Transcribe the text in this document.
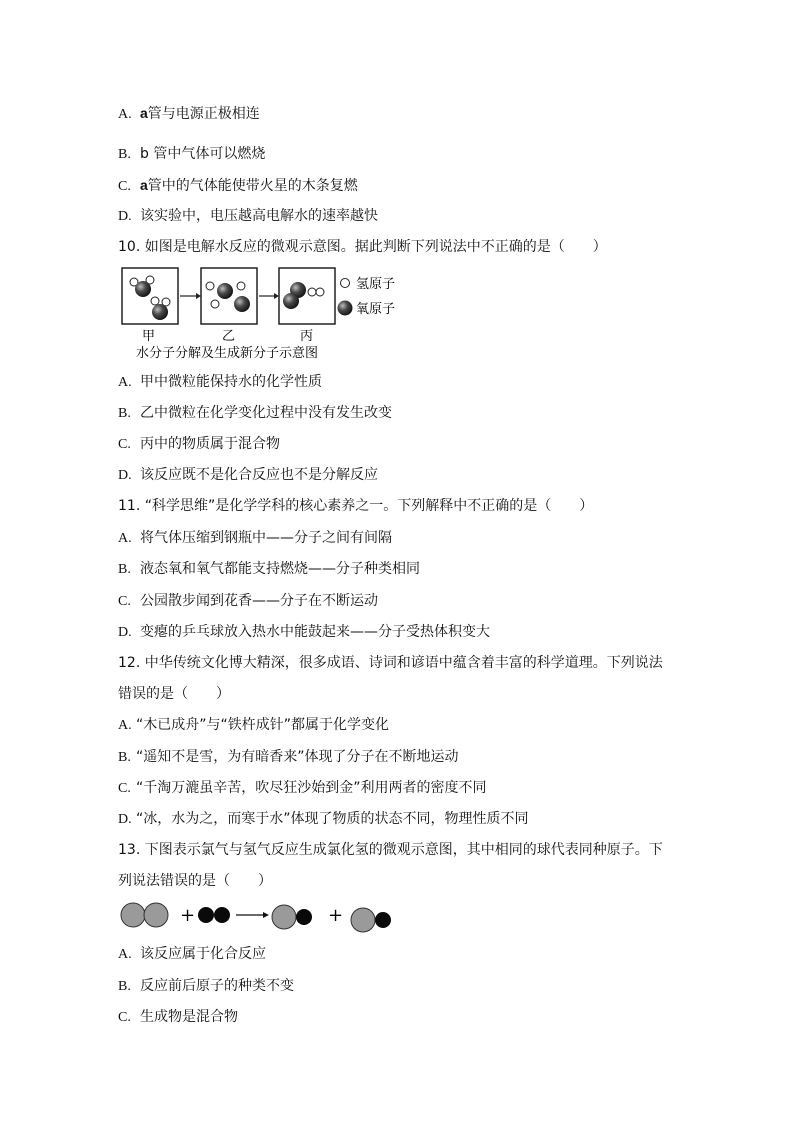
A. a管与电源正极相连
B. b 管中气体可以燃烧
C. a管中的气体能使带火星的木条复燃
D. 该实验中，电压越高电解水的速率越快
10. 如图是电解水反应的微观示意图。据此判断下列说法中不正确的是（　　）
氢原子
氧原子
甲	乙	丙
水分子分解及生成新分子示意图
A. 甲中微粒能保持水的化学性质
B. 乙中微粒在化学变化过程中没有发生改变
C. 丙中的物质属于混合物
D. 该反应既不是化合反应也不是分解反应
11. “科学思维”是化学学科的核心素养之一。下列解释中不正确的是（　　）
A. 将气体压缩到钢瓶中——分子之间有间隔
B. 液态氧和氧气都能支持燃烧——分子种类相同
C. 公园散步闻到花香——分子在不断运动
D. 变瘪的乒乓球放入热水中能鼓起来——分子受热体积变大
12. 中华传统文化博大精深，很多成语、诗词和谚语中蕴含着丰富的科学道理。下列说法
错误的是（　　）
A. “木已成舟”与“铁杵成针”都属于化学变化
B. “遥知不是雪，为有暗香来”体现了分子在不断地运动
C. “千淘万漉虽辛苦，吹尽狂沙始到金”利用两者的密度不同
D. “冰，水为之，而寒于水”体现了物质的状态不同，物理性质不同
13. 下图表示氯气与氢气反应生成氯化氢的微观示意图，其中相同的球代表同种原子。下
列说法错误的是（　　）
+	+
A. 该反应属于化合反应
B. 反应前后原子的种类不变
C. 生成物是混合物
